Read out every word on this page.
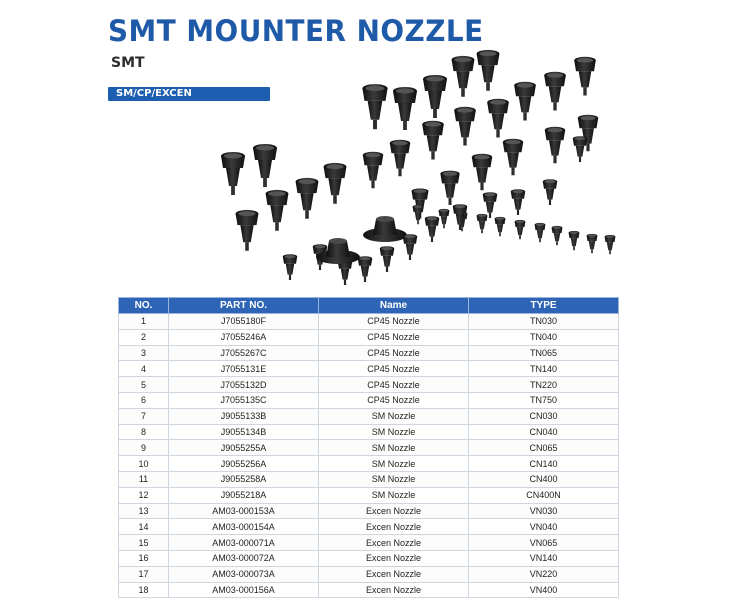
SMT MOUNTER NOZZLE
SMT
SM/CP/EXCEN
NO.	PART NO.	Name	TYPE
1	J7055180F	CP45 Nozzle	TN030
2	J7055246A	CP45 Nozzle	TN040
3	J7055267C	CP45 Nozzle	TN065
4	J7055131E	CP45 Nozzle	TN140
5	J7055132D	CP45 Nozzle	TN220
6	J7055135C	CP45 Nozzle	TN750
7	J9055133B	SM Nozzle	CN030
8	J9055134B	SM Nozzle	CN040
9	J9055255A	SM Nozzle	CN065
10	J9055256A	SM Nozzle	CN140
11	J9055258A	SM Nozzle	CN400
12	J9055218A	SM Nozzle	CN400N
13	AM03-000153A	Excen Nozzle	VN030
14	AM03-000154A	Excen Nozzle	VN040
15	AM03-000071A	Excen Nozzle	VN065
16	AM03-000072A	Excen Nozzle	VN140
17	AM03-000073A	Excen Nozzle	VN220
18	AM03-000156A	Excen Nozzle	VN400
